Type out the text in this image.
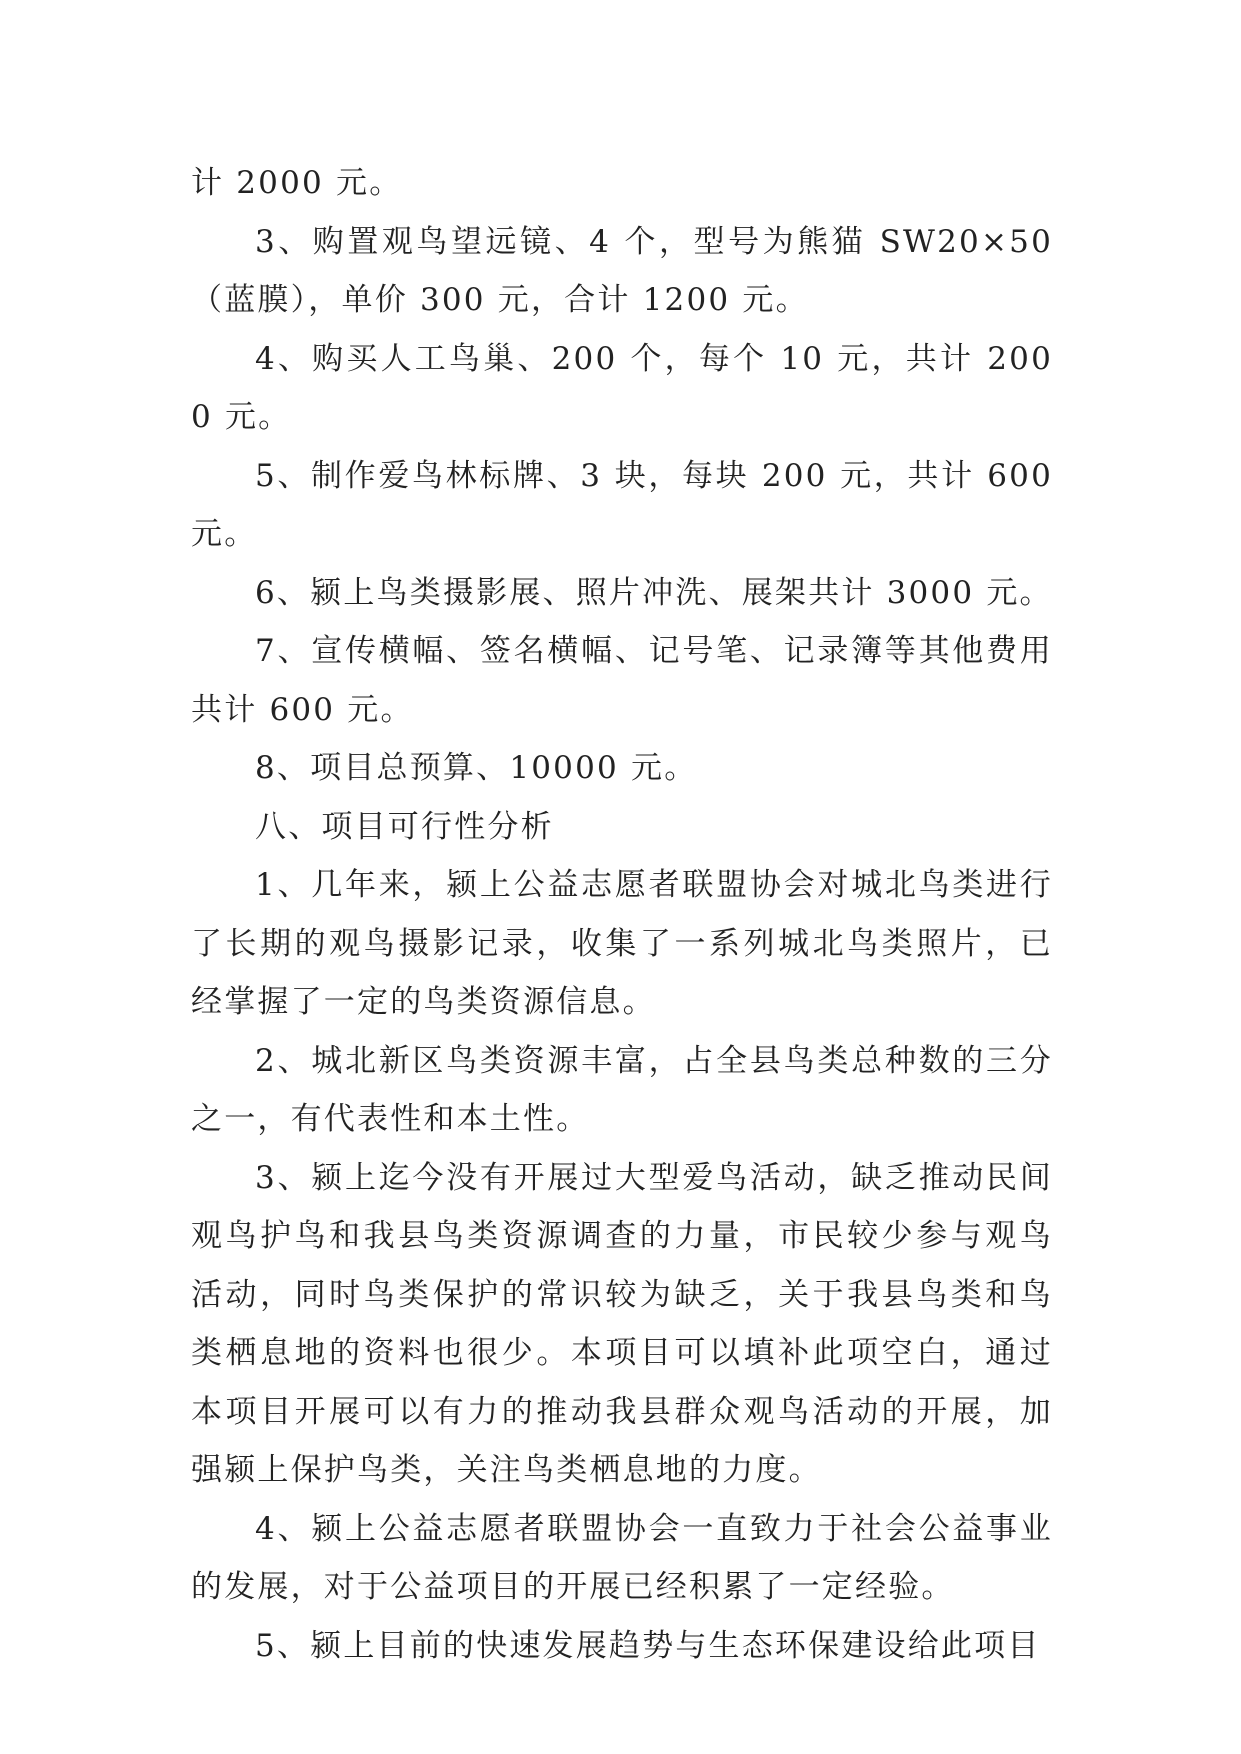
计 2000 元。

3、购置观鸟望远镜、4 个，型号为熊猫 SW20×50（蓝膜），单价 300 元，合计 1200 元。

4、购买人工鸟巢、200 个，每个 10 元，共计 2000 元。

5、制作爱鸟林标牌、3 块，每块 200 元，共计 600 元。

6、颍上鸟类摄影展、照片冲洗、展架共计 3000 元。

7、宣传横幅、签名横幅、记号笔、记录簿等其他费用共计 600 元。

8、项目总预算、10000 元。

八、项目可行性分析

1、几年来，颍上公益志愿者联盟协会对城北鸟类进行了长期的观鸟摄影记录，收集了一系列城北鸟类照片，已经掌握了一定的鸟类资源信息。

2、城北新区鸟类资源丰富，占全县鸟类总种数的三分之一，有代表性和本土性。

3、颍上迄今没有开展过大型爱鸟活动，缺乏推动民间观鸟护鸟和我县鸟类资源调查的力量，市民较少参与观鸟活动，同时鸟类保护的常识较为缺乏，关于我县鸟类和鸟类栖息地的资料也很少。本项目可以填补此项空白，通过本项目开展可以有力的推动我县群众观鸟活动的开展，加强颍上保护鸟类，关注鸟类栖息地的力度。

4、颍上公益志愿者联盟协会一直致力于社会公益事业的发展，对于公益项目的开展已经积累了一定经验。

5、颍上目前的快速发展趋势与生态环保建设给此项目
